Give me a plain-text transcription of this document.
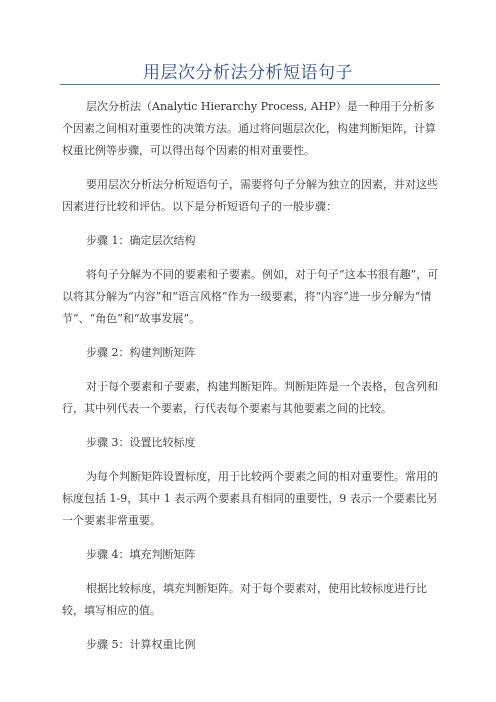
用层次分析法分析短语句子

层次分析法（Analytic Hierarchy Process, AHP）是一种用于分析多个因素之间相对重要性的决策方法。通过将问题层次化，构建判断矩阵，计算权重比例等步骤，可以得出每个因素的相对重要性。

要用层次分析法分析短语句子，需要将句子分解为独立的因素，并对这些因素进行比较和评估。以下是分析短语句子的一般步骤：

步骤 1：确定层次结构

将句子分解为不同的要素和子要素。例如，对于句子“这本书很有趣”，可以将其分解为“内容”和“语言风格”作为一级要素，将“内容”进一步分解为“情节”、“角色”和“故事发展”。

步骤 2：构建判断矩阵

对于每个要素和子要素，构建判断矩阵。判断矩阵是一个表格，包含列和行，其中列代表一个要素，行代表每个要素与其他要素之间的比较。

步骤 3：设置比较标度

为每个判断矩阵设置标度，用于比较两个要素之间的相对重要性。常用的标度包括 1-9，其中 1 表示两个要素具有相同的重要性，9 表示一个要素比另一个要素非常重要。

步骤 4：填充判断矩阵

根据比较标度，填充判断矩阵。对于每个要素对，使用比较标度进行比较，填写相应的值。

步骤 5：计算权重比例
